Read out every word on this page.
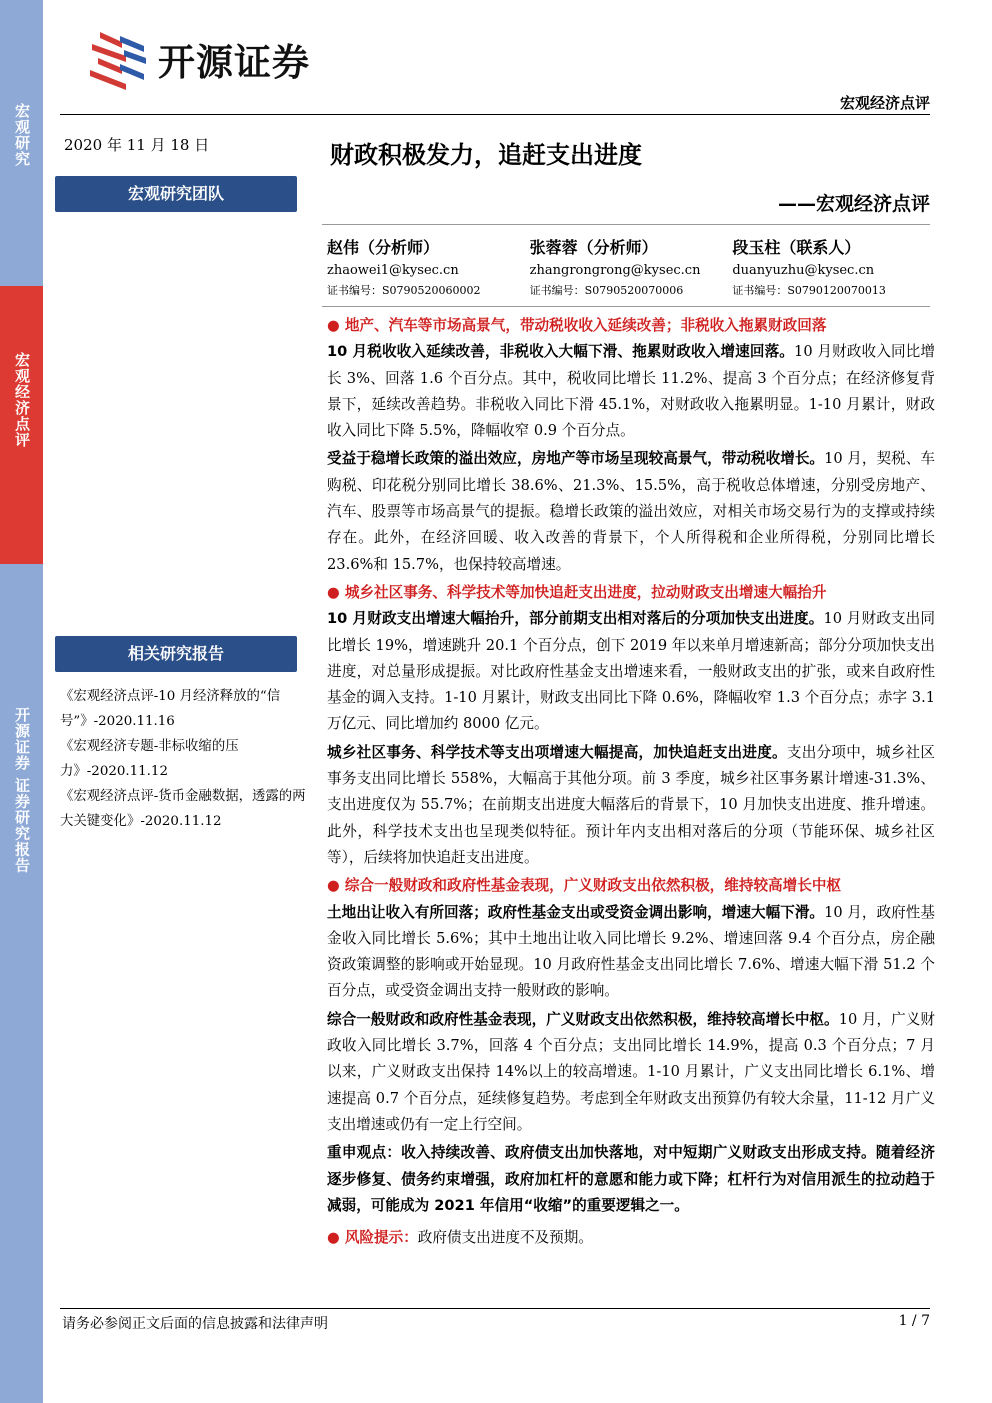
宏观研究
宏观经济点评
开源证券 证券研究报告
开源证券
宏观经济点评
2020 年 11 月 18 日	财政积极发力，追赶支出进度
——宏观经济点评
宏观研究团队
赵伟（分析师）
zhaowei1@kysec.cn
证书编号：S0790520060002
张蓉蓉（分析师）
zhangrongrong@kysec.cn
证书编号：S0790520070006
段玉柱（联系人）
duanyuzhu@kysec.cn
证书编号：S0790120070013
相关研究报告

《宏观经济点评-10 月经济释放的“信号”》-2020.11.16

《宏观经济专题-非标收缩的压力》-2020.11.12

《宏观经济点评-货币金融数据，透露的两大关键变化》-2020.11.12

● 地产、汽车等市场高景气，带动税收收入延续改善；非税收入拖累财政回落

10 月税收收入延续改善，非税收入大幅下滑、拖累财政收入增速回落。10 月财政收入同比增长 3%、回落 1.6 个百分点。其中，税收同比增长 11.2%、提高 3 个百分点；在经济修复背景下，延续改善趋势。非税收入同比下滑 45.1%，对财政收入拖累明显。1-10 月累计，财政收入同比下降 5.5%，降幅收窄 0.9 个百分点。

受益于稳增长政策的溢出效应，房地产等市场呈现较高景气，带动税收增长。10 月，契税、车购税、印花税分别同比增长 38.6%、21.3%、15.5%，高于税收总体增速，分别受房地产、汽车、股票等市场高景气的提振。稳增长政策的溢出效应，对相关市场交易行为的支撑或持续存在。此外，在经济回暖、收入改善的背景下，个人所得税和企业所得税，分别同比增长 23.6%和 15.7%，也保持较高增速。

● 城乡社区事务、科学技术等加快追赶支出进度，拉动财政支出增速大幅抬升

10 月财政支出增速大幅抬升，部分前期支出相对落后的分项加快支出进度。10 月财政支出同比增长 19%，增速跳升 20.1 个百分点，创下 2019 年以来单月增速新高；部分分项加快支出进度，对总量形成提振。对比政府性基金支出增速来看，一般财政支出的扩张，或来自政府性基金的调入支持。1-10 月累计，财政支出同比下降 0.6%，降幅收窄 1.3 个百分点；赤字 3.1 万亿元、同比增加约 8000 亿元。

城乡社区事务、科学技术等支出项增速大幅提高，加快追赶支出进度。支出分项中，城乡社区事务支出同比增长 558%，大幅高于其他分项。前 3 季度，城乡社区事务累计增速-31.3%、支出进度仅为 55.7%；在前期支出进度大幅落后的背景下，10 月加快支出进度、推升增速。此外，科学技术支出也呈现类似特征。预计年内支出相对落后的分项（节能环保、城乡社区等），后续将加快追赶支出进度。

● 综合一般财政和政府性基金表现，广义财政支出依然积极，维持较高增长中枢

土地出让收入有所回落；政府性基金支出或受资金调出影响，增速大幅下滑。10 月，政府性基金收入同比增长 5.6%；其中土地出让收入同比增长 9.2%、增速回落 9.4 个百分点，房企融资政策调整的影响或开始显现。10 月政府性基金支出同比增长 7.6%、增速大幅下滑 51.2 个百分点，或受资金调出支持一般财政的影响。

综合一般财政和政府性基金表现，广义财政支出依然积极，维持较高增长中枢。10 月，广义财政收入同比增长 3.7%，回落 4 个百分点；支出同比增长 14.9%，提高 0.3 个百分点；7 月以来，广义财政支出保持 14%以上的较高增速。1-10 月累计，广义支出同比增长 6.1%、增速提高 0.7 个百分点，延续修复趋势。考虑到全年财政支出预算仍有较大余量，11-12 月广义支出增速或仍有一定上行空间。

重申观点：收入持续改善、政府债支出加快落地，对中短期广义财政支出形成支持。随着经济逐步修复、债务约束增强，政府加杠杆的意愿和能力或下降；杠杆行为对信用派生的拉动趋于减弱，可能成为 2021 年信用“收缩”的重要逻辑之一。

● 风险提示：政府债支出进度不及预期。

请务必参阅正文后面的信息披露和法律声明	1 / 7
